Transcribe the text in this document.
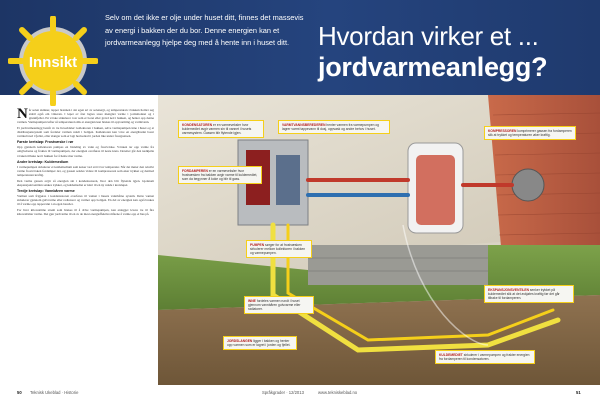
Innsikt
Selv om det ikke er olje under huset ditt, finnes det massevis av energi i bakken der du bor. Denne energien kan et jordvarmeanlegg hjelpe deg med å hente inn i huset ditt.	Hvordan virker et ...
jordvarmeanlegg?

Når solen skinner, tapper brønnen i sin egen art av solenergi, og temperaturen i bakken holder seg stabil også om vinteren. I løpet av året lagres store mengder varme i jordsmonnet og i grunnfjellet. En væske sirkulerer i rør som er boret eller gravd ned i bakken, og henter opp denne varmen. Varmepumpen løfter så temperaturen slik at energien kan brukes til oppvarming og varmtvann.

Et jordvarmeanlegg består av tre hoveddeler: kollektoren i bakken, selve varmepumpen inne i huset og et distribusjonssystem som fordeler varmen rundt i boligen. Kollektoren kan være en energibrønn boret vertikalt ned i fjellet, eller slanger som er lagt horisontalt i jorden like under frostgrensen.

Første kretsløp: Frostvæske i rør

Opp gjennom kollektoren pumpes en blanding av vann og frostvæske. Væsken tar opp varme fra omgivelsene og fraktes til varmepumpen, der energien overføres til neste krets. Deretter går den nedkjølte væsken tilbake ned i bakken for å hente mer varme.

Andre kretsløp: Kuldemedium

I varmepumpen sirkulerer et kuldemedium som koker ved svært lav temperatur. Når det møter den relativt varme frostvæsken fordamper det, og gassen sendes videre til kompressoren som øker trykket og dermed temperaturen kraftig.

Den varme gassen avgir så energien sin i kondensatoren, hvor den blir flytende igjen. Gjennom ekspansjonsventilen senkes trykket, og kuldemediet er klart til en ny runde i kretsløpet.

Tredje kretsløp: Vannbåren varme

Varmen som frigjøres i kondensatoren overføres til vannet i husets vannbårne system. Dette vannet sirkulerer gjennom gulvvarme eller radiatorer og varmer opp boligen. En del av energien kan også brukes til å varme opp tappevann i en egen bereder.

For hver kilowattime strøm som brukes til å drive varmepumpen, kan anlegget levere tre til fire kilowattimer varme. Det gjør jordvarme til en av de mest energieffektive måtene å varme opp et hus på.

KONDENSATOREN er en varmeveksler hvor kuldemediet avgir varmen sin til vannet i husets varmesystem. Gassen blir flytende igjen.
FORDAMPEREN er en varmeveksler hvor frostvæsken fra bakken avgir varme til kuldemediet, som da begynner å koke og blir til gass.
VARMTVANNSBEREDEREN henter varmen fra varmepumpen og lagrer varmt tappevann til dusj, oppvask og andre behov i huset.	KOMPRESSOREN komprimerer gassen fra fordamperen slik at trykket og temperaturen øker kraftig.
PUMPEN sørger for at frostvæsken sirkulerer mellom kollektoren i bakken og varmepumpen.
INNE fordeles varmen rundt i huset gjennom vannbåren gulvvarme eller radiatorer.
JORDSLANGEN ligger i bakken og henter opp varmen som er lagret i jorden og fjellet.
EKSPANSJONSVENTILEN senker trykket på kuldemediet slik at det avkjøles kraftig før det går tilbake til fordamperen.
KULDEMEDIET sirkulerer i varmepumpen og frakter energien fra fordamperen til kondensatoren.
50 Teknisk Ukeblad · Historie	Språkgrader · 12/2013	www.tekniskeblad.no	51
